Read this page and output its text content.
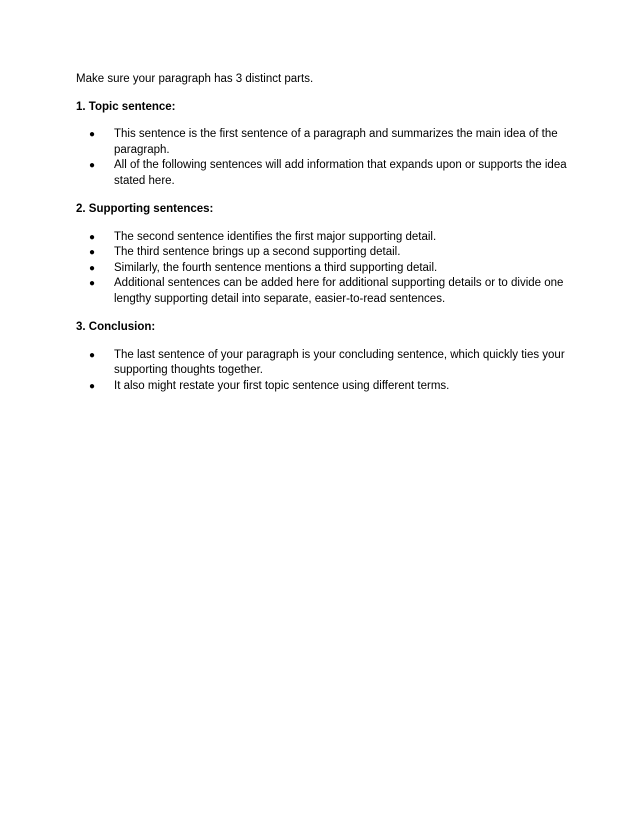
Make sure your paragraph has 3 distinct parts.

1. Topic sentence:

● This sentence is the first sentence of a paragraph and summarizes the main idea of the paragraph.
● All of the following sentences will add information that expands upon or supports the idea stated here.

2. Supporting sentences:

● The second sentence identifies the first major supporting detail.
● The third sentence brings up a second supporting detail.
● Similarly, the fourth sentence mentions a third supporting detail.
● Additional sentences can be added here for additional supporting details or to divide one lengthy supporting detail into separate, easier-to-read sentences.

3. Conclusion:

● The last sentence of your paragraph is your concluding sentence, which quickly ties your supporting thoughts together.
● It also might restate your first topic sentence using different terms.
